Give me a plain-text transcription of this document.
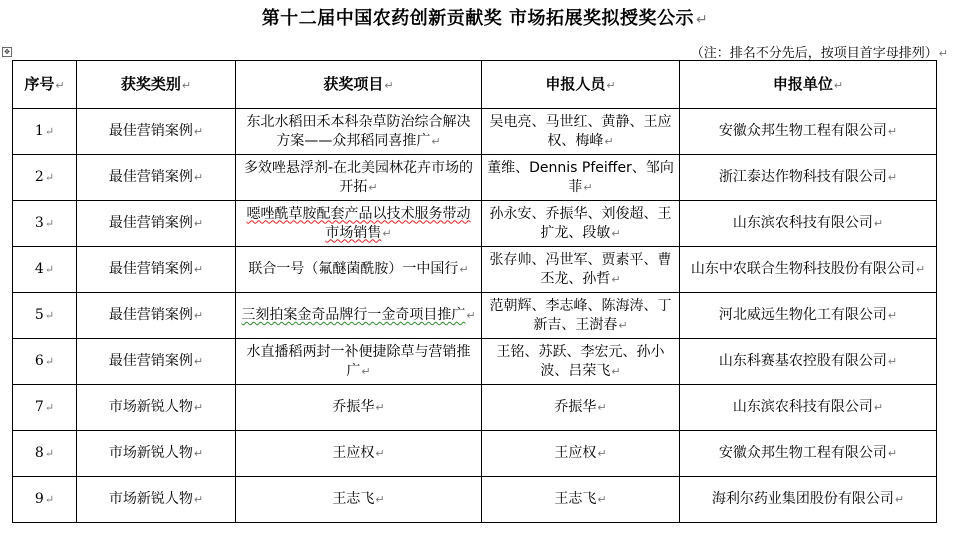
第十二届中国农药创新贡献奖 市场拓展奖拟授奖公示 ↵
✥	（注：排名不分先后，按项目首字母排列）↵
序号↵	获奖类别↵	获奖项目↵	申报人员↵	申报单位↵
1↵	最佳营销案例↵	东北水稻田禾本科杂草防治综合解决方案——众邦稻同喜推广↵	吴电亮、马世红、黄静、王应权、梅峰↵	安徽众邦生物工程有限公司↵
2↵	最佳营销案例↵	多效唑悬浮剂-在北美园林花卉市场的开拓↵	董维、Dennis Pfeiffer、邹向菲↵	浙江泰达作物科技有限公司↵
3↵	最佳营销案例↵	噁唑酰草胺配套产品以技术服务带动市场销售↵	孙永安、乔振华、刘俊超、王扩龙、段敏↵	山东滨农科技有限公司↵
4↵	最佳营销案例↵	联合一号（氟醚菌酰胺）一中国行↵	张存帅、冯世军、贾素平、曹丕龙、孙哲↵	山东中农联合生物科技股份有限公司↵
5↵	最佳营销案例↵	三刻拍案金奇品牌行一金奇项目推广↵	范朝辉、李志峰、陈海涛、丁新吉、王澍春↵	河北威远生物化工有限公司↵
6↵	最佳营销案例↵	水直播稻两封一补便捷除草与营销推广↵	王铭、苏跃、李宏元、孙小波、吕荣飞↵	山东科赛基农控股有限公司↵
7↵	市场新锐人物↵	乔振华↵	乔振华↵	山东滨农科技有限公司↵
8↵	市场新锐人物↵	王应权↵	王应权↵	安徽众邦生物工程有限公司↵
9↵	市场新锐人物↵	王志飞↵	王志飞↵	海利尔药业集团股份有限公司↵
